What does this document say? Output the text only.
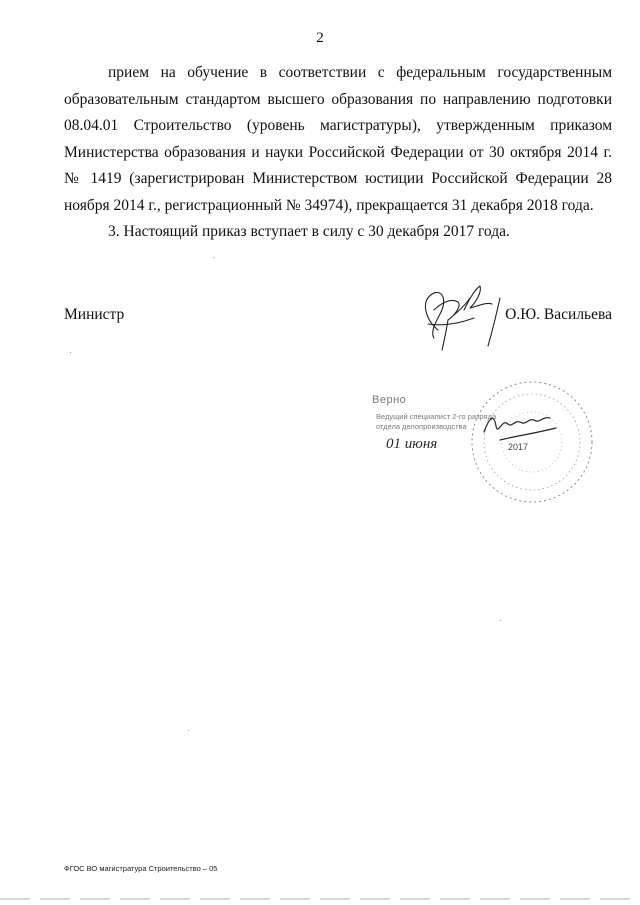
2

прием на обучение в соответствии с федеральным государственным образовательным стандартом высшего образования по направлению подготовки 08.04.01 Строительство (уровень магистратуры), утвержденным приказом Министерства образования и науки Российской Федерации от 30 октября 2014 г. № 1419 (зарегистрирован Министерством юстиции Российской Федерации 28 ноября 2014 г., регистрационный № 34974), прекращается 31 декабря 2018 года.

3. Настоящий приказ вступает в силу с 30 декабря 2017 года.

Министр	О.Ю. Васильева
Верно
Ведущий специалист 2-го разряда
отдела делопроизводства
01 июня	2017
ФГОС ВО магистратура Строительство – 05
